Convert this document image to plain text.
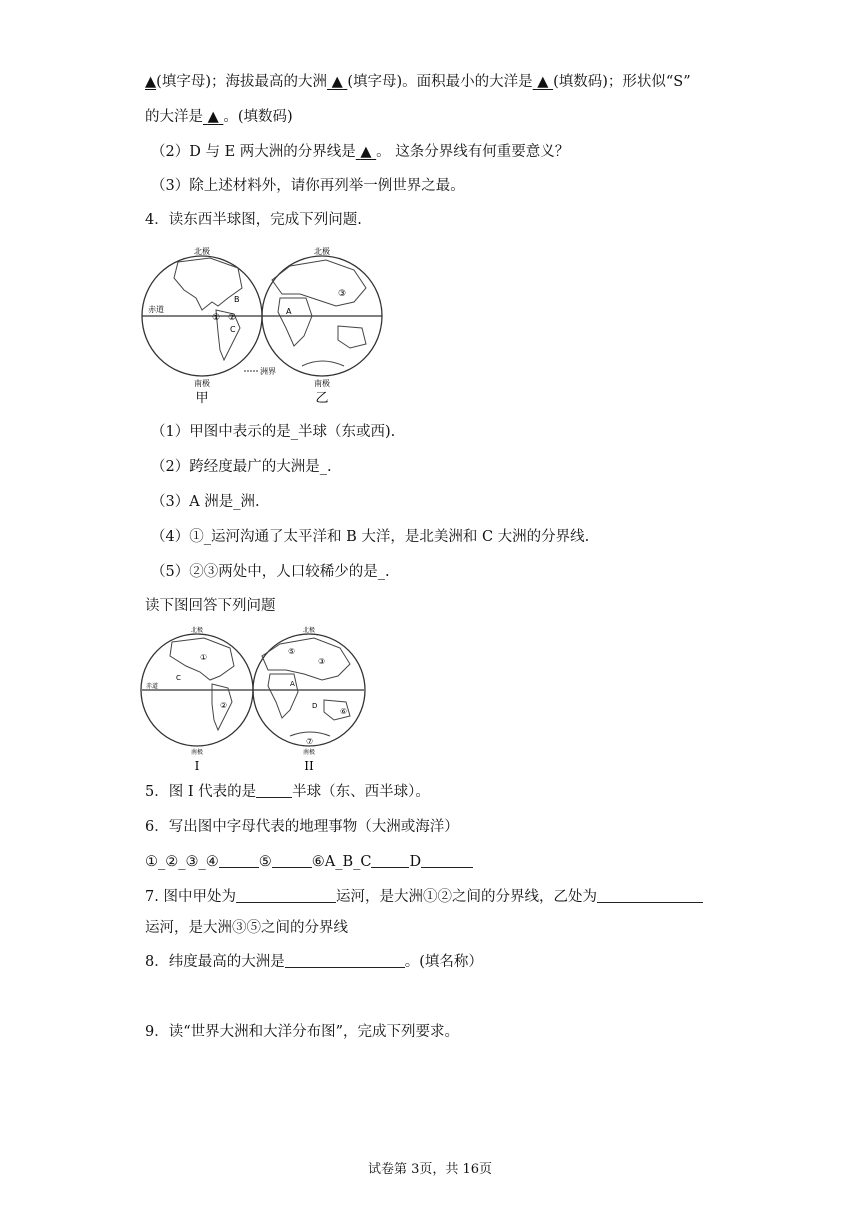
▲(填字母)；海拔最高的大洲 ▲ (填字母)。面积最小的大洋是 ▲ (填数码)；形状似“S”
的大洋是 ▲ 。(填数码)
（2）D 与 E 两大洲的分界线是 ▲ 。 这条分界线有何重要意义？
（3）除上述材料外，请你再列举一例世界之最。
4．读东西半球图，完成下列问题.
北极	北极
赤道
B
① ②
C
A
③
南极	南极
洲界
甲	乙
（1）甲图中表示的是_半球（东或西).
（2）跨经度最广的大洲是_.
（3）A 洲是_洲.
（4）①_运河沟通了太平洋和 B 大洋，是北美洲和 C 大洲的分界线.
（5）②③两处中，人口较稀少的是_.
读下图回答下列问题
北极	北极
赤道
①
C
②
⑤
③
A
D
⑥
⑦
南极	南极
I	II
5．图 I 代表的是 半球（东、西半球）。
6．写出图中字母代表的地理事物（大洲或海洋）
①_②_③_④	⑤	⑥A_B_C	D
7. 图中甲处为	运河，是大洲①②之间的分界线，乙处为
运河，是大洲③⑤之间的分界线
8．纬度最高的大洲是	。(填名称）
9．读“世界大洲和大洋分布图”，完成下列要求。
试卷第 3页，共 16页
